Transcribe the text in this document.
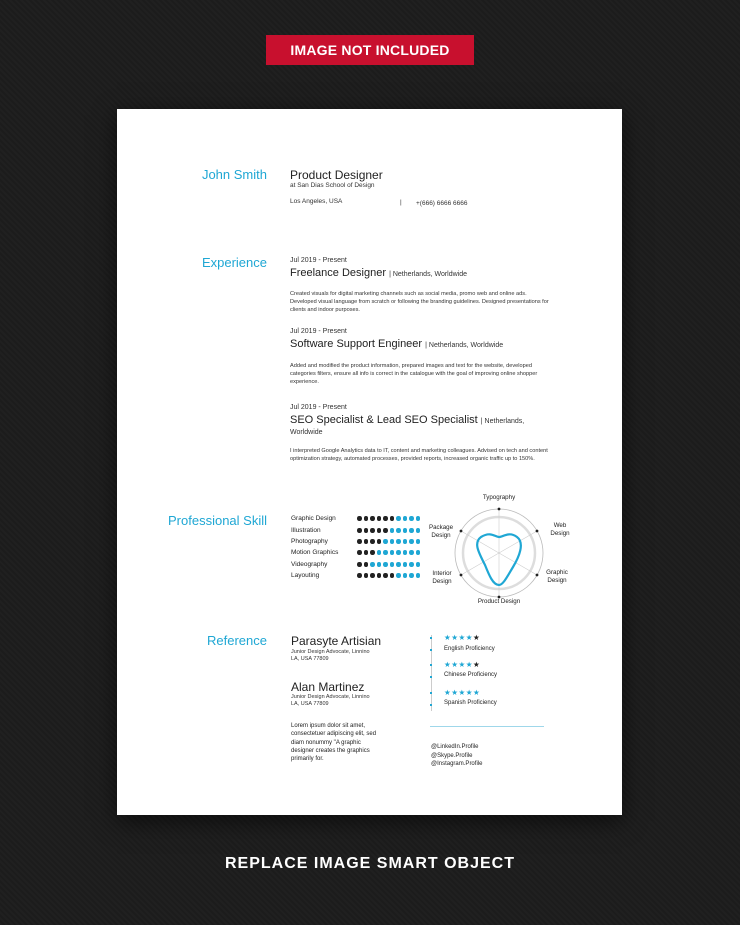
IMAGE NOT INCLUDED
John Smith Product Designer
at San Dias School of Design
Los Angeles, USA	| +(666) 6666 6666
Experience	Jul 2019 - Present
Freelance Designer | Netherlands, Worldwide
Created visuals for digital marketing channels such as social media, promo web and online ads. Developed visual language from scratch or following the branding guidelines. Designed presentations for clients and indoor purposes.
Jul 2019 - Present
Software Support Engineer | Netherlands, Worldwide
Added and modified the product information, prepared images and text for the website, developed categories filters, ensure all info is correct in the catalogue with the goal of improving online shopper experience.
Jul 2019 - Present
SEO Specialist & Lead SEO Specialist | Netherlands,
Worldwide
I interpreted Google Analytics data to IT, content and marketing colleagues. Advised on tech and content optimization strategy, automated processes, provided reports, increased organic traffic up to 150%.
Professional Skill	Graphic Design
Illustration
Photography
Motion Graphics
Videography
Layouting
Typography
Web
Design
Graphic
Design
Product Design
Interior
Design
Package
Design
Reference Parasyte Artisian
Junior Design Advocate, Linnino
LA, USA 77809
Alan Martinez
Junior Design Advocate, Linnino
LA, USA 77809
Lorem ipsum dolor sit amet,
consectetuer adipiscing elit, sed
diam nonummy "A graphic
designer creates the graphics
primarily for.
★★★★★
English Proficiency
★★★★★
Chinese Proficiency
★★★★★
Spanish Proficiency
@LinkedIn.Profile
@Skype.Profile
@Instagram.Profile
REPLACE IMAGE SMART OBJECT
